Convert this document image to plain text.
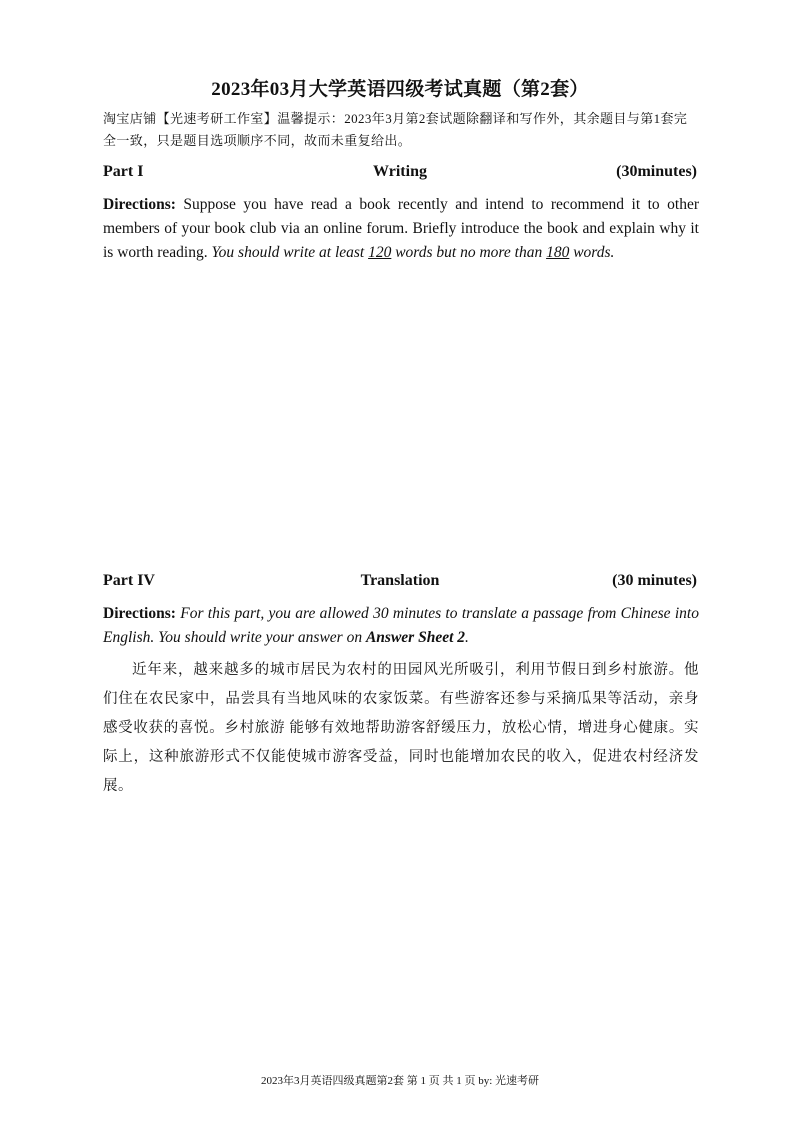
2023年03月大学英语四级考试真题（第2套）
淘宝店铺【光速考研工作室】温馨提示：2023年3月第2套试题除翻译和写作外，其余题目与第1套完全一致，只是题目选项顺序不同，故而未重复给出。
Writing
Part I	(30minutes)
Directions: Suppose you have read a book recently and intend to recommend it to other members of your book club via an online forum. Briefly introduce the book and explain why it is worth reading. You should write at least 120 words but no more than 180 words.
Translation
Part IV	(30 minutes)
Directions: For this part, you are allowed 30 minutes to translate a passage from Chinese into English. You should write your answer on Answer Sheet 2.
近年来，越来越多的城市居民为农村的田园风光所吸引，利用节假日到乡村旅游。他们住在农民家中，品尝具有当地风味的农家饭菜。有些游客还参与采摘瓜果等活动，亲身感受收获的喜悦。乡村旅游 能够有效地帮助游客舒缓压力，放松心情，增进身心健康。实际上，这种旅游形式不仅能使城市游客受益，同时也能增加农民的收入，促进农村经济发展。
2023年3月英语四级真题第2套 第 1 页 共 1 页 by: 光速考研
